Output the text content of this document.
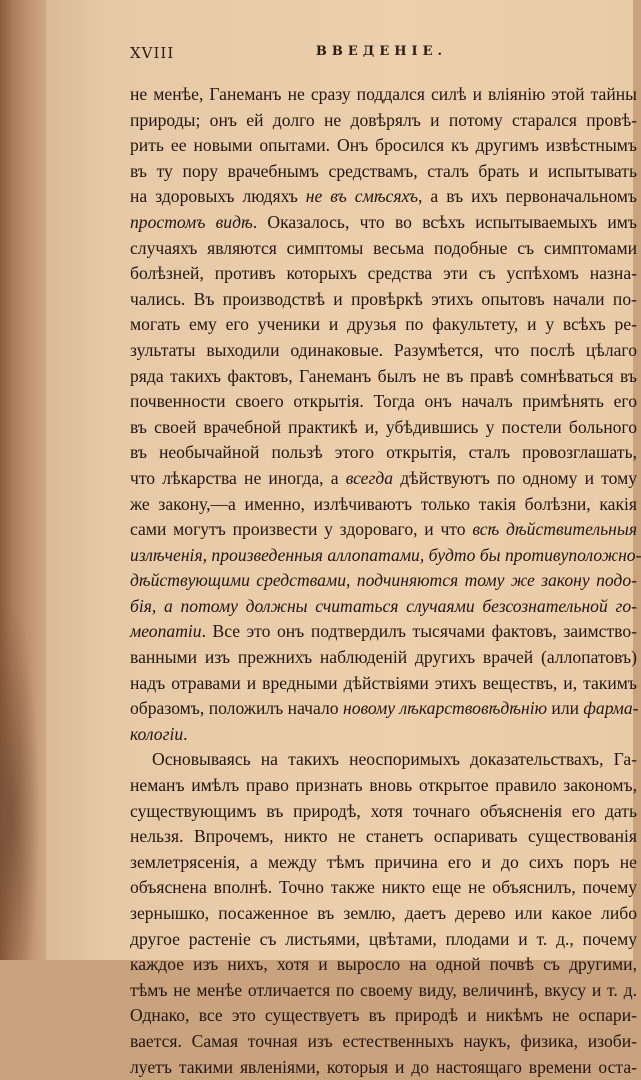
XVIII	ВВЕДЕНIЕ.
не менѣе, Ганеманъ не сразу поддался силѣ и влiянiю этой тайны
природы; онъ ей долго не довѣрялъ и потому старался провѣ-
рить ее новыми опытами. Онъ бросился къ другимъ извѣстнымъ
въ ту пору врачебнымъ средствамъ, сталъ брать и испытывать
на здоровыхъ людяхъ не въ смѣсяхъ, а въ ихъ первоначальномъ
простомъ видѣ. Оказалось, что во всѣхъ испытываемыхъ имъ
случаяхъ являются симптомы весьма подобные съ симптомами
болѣзней, противъ которыхъ средства эти съ успѣхомъ назна-
чались. Въ производствѣ и провѣркѣ этихъ опытовъ начали по-
могать ему его ученики и друзья по факультету, и у всѣхъ ре-
зультаты выходили одинаковые. Разумѣется, что послѣ цѣлаго
ряда такихъ фактовъ, Ганеманъ былъ не въ правѣ сомнѣваться въ
почвенности своего открытiя. Тогда онъ началъ примѣнять его
въ своей врачебной практикѣ и, убѣдившись у постели больного
въ необычайной пользѣ этого открытiя, сталъ провозглашать,
что лѣкарства не иногда, а всегда дѣйствуютъ по одному и тому
же закону,—а именно, излѣчиваютъ только такiя болѣзни, какiя
сами могутъ произвести у здороваго, и что всѣ дѣйствительныя
излѣченiя, произведенныя аллопатами, будто бы противуположно-
дѣйствующими средствами, подчиняются тому же закону подо-
бiя, а потому должны считаться случаями безсознательной го-
меопатiи. Все это онъ подтвердилъ тысячами фактовъ, заимство-
ванными изъ прежнихъ наблюденiй другихъ врачей (аллопатовъ)
надъ отравами и вредными дѣйствiями этихъ веществъ, и, такимъ
образомъ, положилъ начало новому лѣкарствовѣдѣнiю или фарма-
кологiи.
Основываясь на такихъ неоспоримыхъ доказательствахъ, Га-
неманъ имѣлъ право признать вновь открытое правило закономъ,
существующимъ въ природѣ, хотя точнаго объясненiя его дать
нельзя. Впрочемъ, никто не станетъ оспаривать существованiя
землетрясенiя, а между тѣмъ причина его и до сихъ поръ не
объяснена вполнѣ. Точно также никто еще не объяснилъ, почему
зернышко, посаженное въ землю, даетъ дерево или какое либо
другое растенiе съ листьями, цвѣтами, плодами и т. д., почему
каждое изъ нихъ, хотя и выросло на одной почвѣ съ другими,
тѣмъ не менѣе отличается по своему виду, величинѣ, вкусу и т. д.
Однако, все это существуетъ въ природѣ и никѣмъ не оспари-
вается. Самая точная изъ естественныхъ наукъ, физика, изоби-
луетъ такими явленiями, которыя и до настоящаго времени оста-
